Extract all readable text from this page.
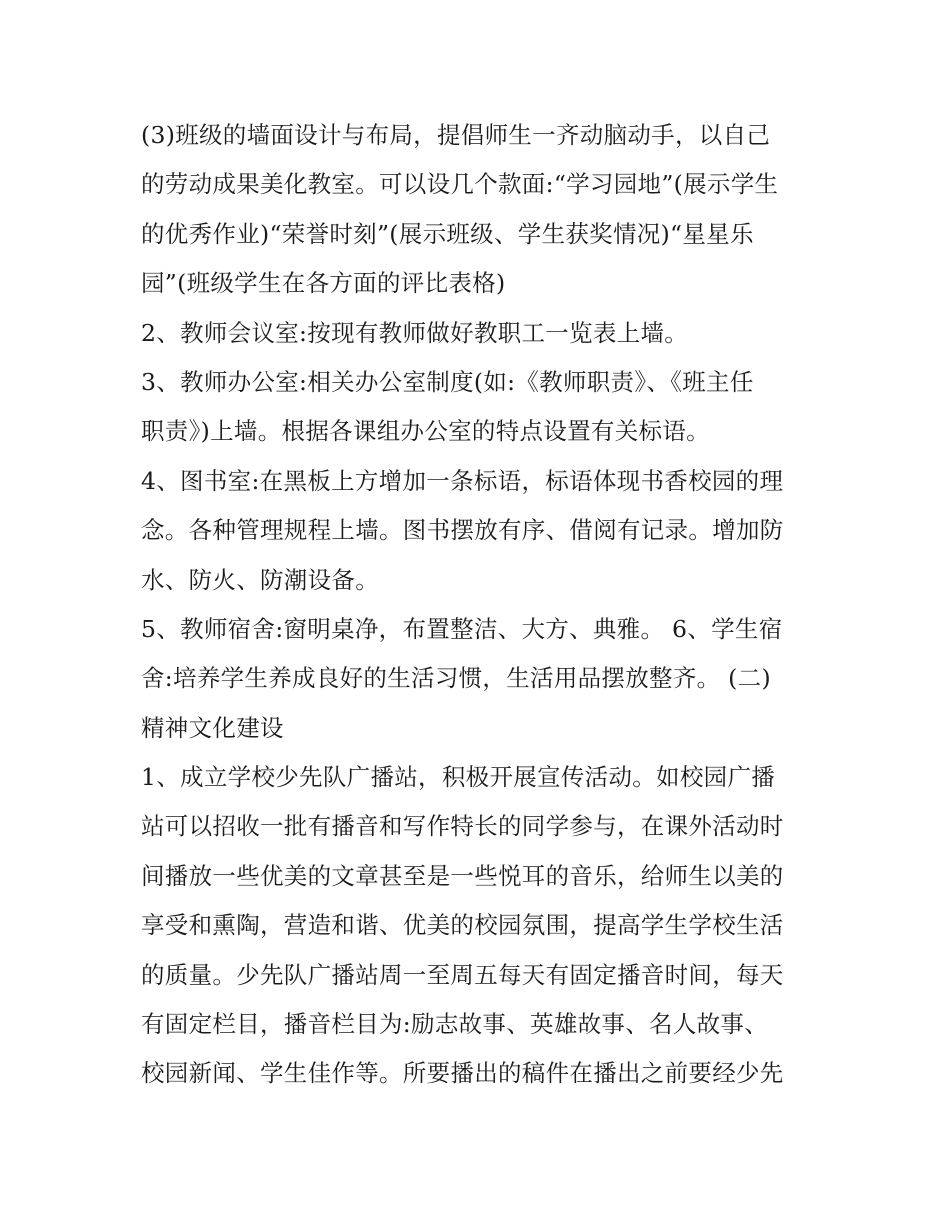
(3)班级的墙面设计与布局，提倡师生一齐动脑动手，以自己
的劳动成果美化教室。可以设几个款面:“学习园地”(展示学生
的优秀作业)“荣誉时刻”(展示班级、学生获奖情况)“星星乐
园”(班级学生在各方面的评比表格)
2、教师会议室:按现有教师做好教职工一览表上墙。
3、教师办公室:相关办公室制度(如:《教师职责》、《班主任
职责》)上墙。根据各课组办公室的特点设置有关标语。
4、图书室:在黑板上方增加一条标语，标语体现书香校园的理
念。各种管理规程上墙。图书摆放有序、借阅有记录。增加防
水、防火、防潮设备。
5、教师宿舍:窗明桌净，布置整洁、大方、典雅。 6、学生宿
舍:培养学生养成良好的生活习惯，生活用品摆放整齐。 (二)
精神文化建设
1、成立学校少先队广播站，积极开展宣传活动。如校园广播
站可以招收一批有播音和写作特长的同学参与，在课外活动时
间播放一些优美的文章甚至是一些悦耳的音乐，给师生以美的
享受和熏陶，营造和谐、优美的校园氛围，提高学生学校生活
的质量。少先队广播站周一至周五每天有固定播音时间，每天
有固定栏目，播音栏目为:励志故事、英雄故事、名人故事、
校园新闻、学生佳作等。所要播出的稿件在播出之前要经少先
